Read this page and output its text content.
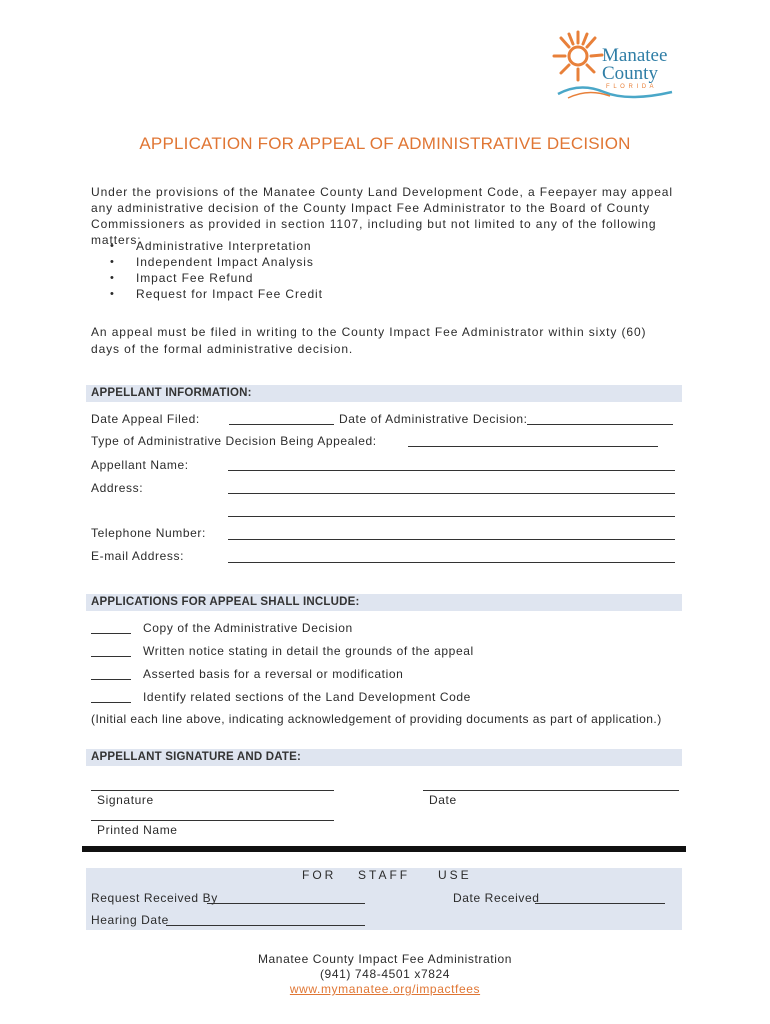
Manatee
County
F L O R I D A
APPLICATION FOR APPEAL OF ADMINISTRATIVE DECISION
Under the provisions of the Manatee County Land Development Code, a Feepayer may appeal any administrative decision of the County Impact Fee Administrator to the Board of County Commissioners as provided in section 1107, including but not limited to any of the following matters:
• Administrative Interpretation
• Independent Impact Analysis
• Impact Fee Refund
• Request for Impact Fee Credit
An appeal must be filed in writing to the County Impact Fee Administrator within sixty (60)
days of the formal administrative decision.
APPELLANT INFORMATION:
Date Appeal Filed:	Date of Administrative Decision:
Type of Administrative Decision Being Appealed:
Appellant Name:
Address:
Telephone Number:
E-mail Address:
APPLICATIONS FOR APPEAL SHALL INCLUDE:
Copy of the Administrative Decision
Written notice stating in detail the grounds of the appeal
Asserted basis for a reversal or modification
Identify related sections of the Land Development Code
(Initial each line above, indicating acknowledgement of providing documents as part of application.)
APPELLANT SIGNATURE AND DATE:
Signature	Date
Printed Name
FOR STAFF USE
Request Received By	Date Received
Hearing Date
Manatee County Impact Fee Administration
(941) 748-4501 x7824
www.mymanatee.org/impactfees
